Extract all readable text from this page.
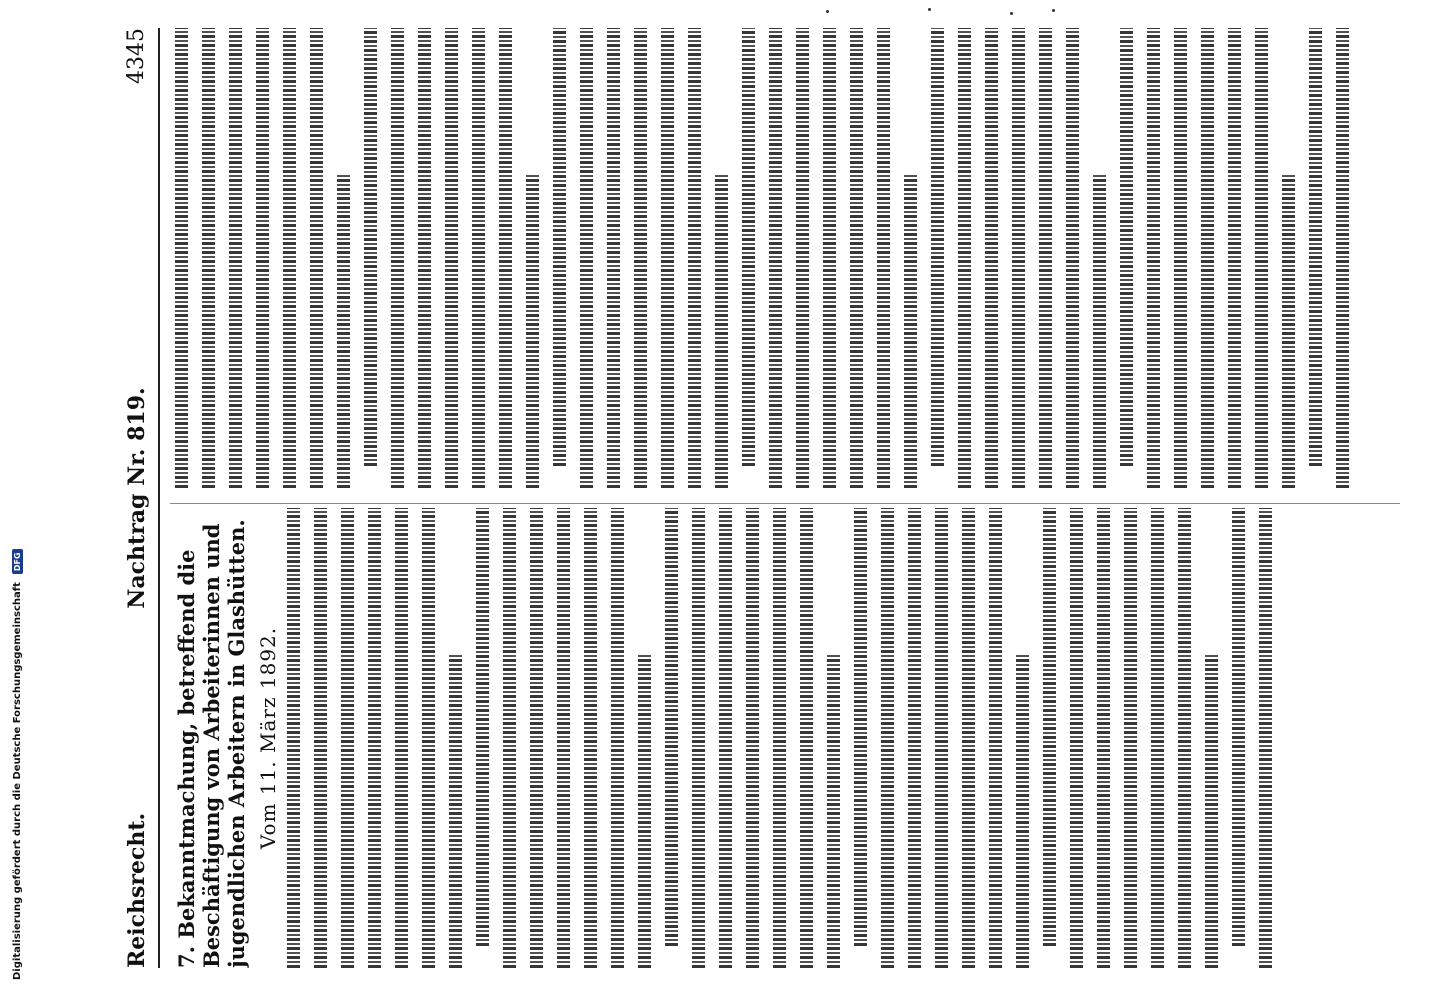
Reichsrecht.
Nachtrag Nr. 819.
4345
7. Bekanntmachung, betreffend die Beschäftigung von Arbeiterinnen und jugendlichen Arbeitern in Glashütten. Vom 11. März 1892.
Digitalisierung gefördert durch die Deutsche Forschungsgemeinschaft
DFG
